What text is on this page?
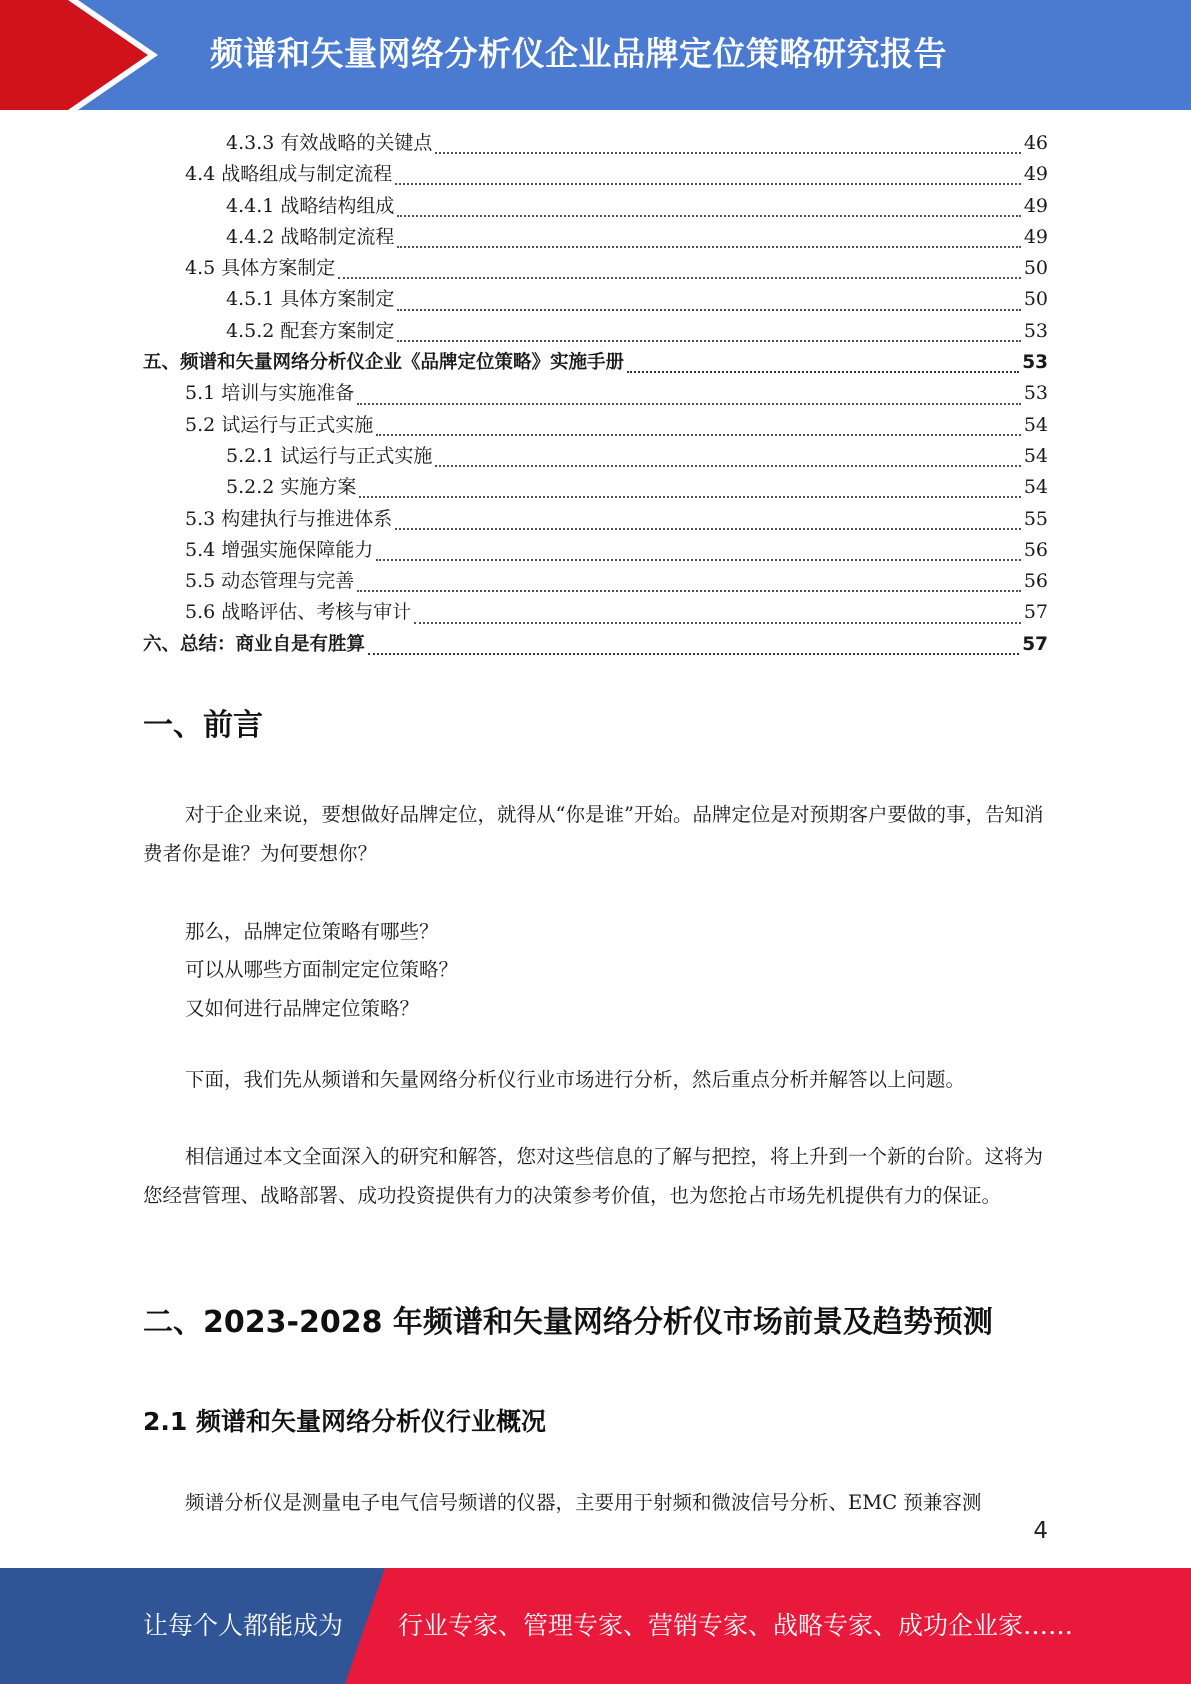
频谱和矢量网络分析仪企业品牌定位策略研究报告
4.3.3 有效战略的关键点	46
4.4 战略组成与制定流程	49
4.4.1 战略结构组成	49
4.4.2 战略制定流程	49
4.5 具体方案制定	50
4.5.1 具体方案制定	50
4.5.2 配套方案制定	53
五、频谱和矢量网络分析仪企业《品牌定位策略》实施手册	53
5.1 培训与实施准备	53
5.2 试运行与正式实施	54
5.2.1 试运行与正式实施	54
5.2.2 实施方案	54
5.3 构建执行与推进体系	55
5.4 增强实施保障能力	56
5.5 动态管理与完善	56
5.6 战略评估、考核与审计	57
六、总结：商业自是有胜算	57
一、前言
对于企业来说，要想做好品牌定位，就得从“你是谁”开始。品牌定位是对预期客户要做的事，告知消费者你是谁？为何要想你？
那么，品牌定位策略有哪些？
可以从哪些方面制定定位策略？
又如何进行品牌定位策略？
下面，我们先从频谱和矢量网络分析仪行业市场进行分析，然后重点分析并解答以上问题。
相信通过本文全面深入的研究和解答，您对这些信息的了解与把控，将上升到一个新的台阶。这将为您经营管理、战略部署、成功投资提供有力的决策参考价值，也为您抢占市场先机提供有力的保证。
二、2023-2028 年频谱和矢量网络分析仪市场前景及趋势预测
2.1 频谱和矢量网络分析仪行业概况
频谱分析仪是测量电子电气信号频谱的仪器，主要用于射频和微波信号分析、EMC 预兼容测
4
让每个人都能成为 行业专家、管理专家、营销专家、战略专家、成功企业家……
